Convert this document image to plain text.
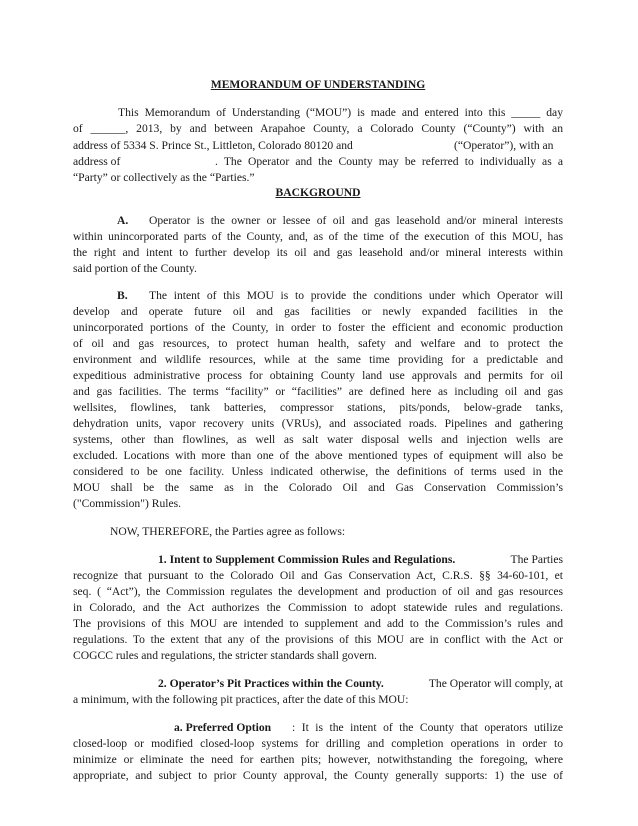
MEMORANDUM OF UNDERSTANDING
This Memorandum of Understanding (“MOU”) is made and entered into this _____ day
of ______, 2013, by and between Arapahoe County, a Colorado County (“County”) with an
address of 5334 S. Prince St., Littleton, Colorado 80120 and	(“Operator”), with an
address of	. The Operator and the County may be referred to individually as a
“Party” or collectively as the “Parties.”
BACKGROUND
A. Operator is the owner or lessee of oil and gas leasehold and/or mineral interests
within unincorporated parts of the County, and, as of the time of the execution of this MOU, has
the right and intent to further develop its oil and gas leasehold and/or mineral interests within
said portion of the County.
B. The intent of this MOU is to provide the conditions under which Operator will
develop and operate future oil and gas facilities or newly expanded facilities in the
unincorporated portions of the County, in order to foster the efficient and economic production
of oil and gas resources, to protect human health, safety and welfare and to protect the
environment and wildlife resources, while at the same time providing for a predictable and
expeditious administrative process for obtaining County land use approvals and permits for oil
and gas facilities. The terms “facility” or “facilities” are defined here as including oil and gas
wellsites, flowlines, tank batteries, compressor stations, pits/ponds, below-grade tanks,
dehydration units, vapor recovery units (VRUs), and associated roads. Pipelines and gathering
systems, other than flowlines, as well as salt water disposal wells and injection wells are
excluded. Locations with more than one of the above mentioned types of equipment will also be
considered to be one facility. Unless indicated otherwise, the definitions of terms used in the
MOU shall be the same as in the Colorado Oil and Gas Conservation Commission’s
("Commission") Rules.
NOW, THEREFORE, the Parties agree as follows:
1. Intent to Supplement Commission Rules and Regulations.	The Parties
recognize that pursuant to the Colorado Oil and Gas Conservation Act, C.R.S. §§ 34-60-101, et
seq. ( “Act”), the Commission regulates the development and production of oil and gas resources
in Colorado, and the Act authorizes the Commission to adopt statewide rules and regulations.
The provisions of this MOU are intended to supplement and add to the Commission’s rules and
regulations. To the extent that any of the provisions of this MOU are in conflict with the Act or
COGCC rules and regulations, the stricter standards shall govern.
2. Operator’s Pit Practices within the County.	The Operator will comply, at
a minimum, with the following pit practices, after the date of this MOU:
a. Preferred Option : It is the intent of the County that operators utilize
closed-loop or modified closed-loop systems for drilling and completion operations in order to
minimize or eliminate the need for earthen pits; however, notwithstanding the foregoing, where
appropriate, and subject to prior County approval, the County generally supports: 1) the use of
